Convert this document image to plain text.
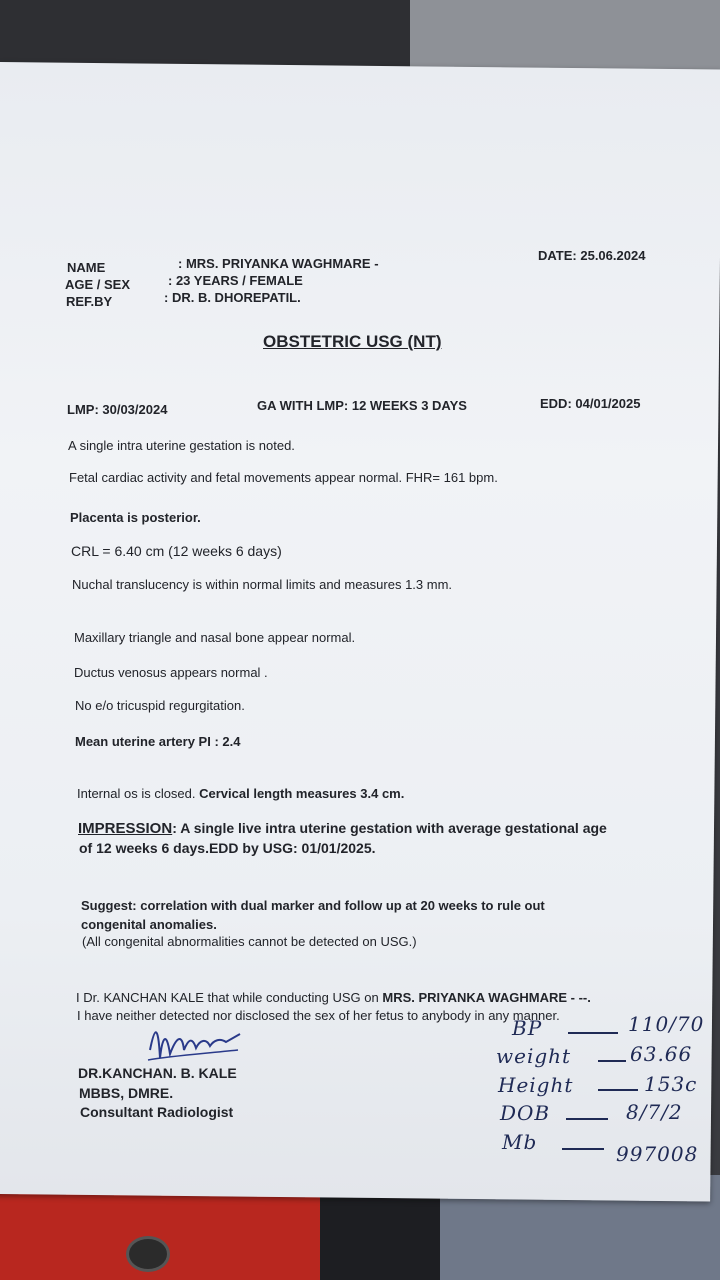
NAME	: MRS. PRIYANKA WAGHMARE -
AGE / SEX	: 23 YEARS / FEMALE
REF.BY	: DR. B. DHOREPATIL.
DATE: 25.06.2024
OBSTETRIC USG (NT)
LMP: 30/03/2024	GA WITH LMP: 12 WEEKS 3 DAYS	EDD: 04/01/2025
A single intra uterine gestation is noted.
Fetal cardiac activity and fetal movements appear normal. FHR= 161 bpm.
Placenta is posterior.
CRL = 6.40 cm (12 weeks 6 days)
Nuchal translucency is within normal limits and measures 1.3 mm.
Maxillary triangle and nasal bone appear normal.
Ductus venosus appears normal .
No e/o tricuspid regurgitation.
Mean uterine artery PI : 2.4
Internal os is closed. Cervical length measures 3.4 cm.
IMPRESSION: A single live intra uterine gestation with average gestational age
of 12 weeks 6 days.EDD by USG: 01/01/2025.
Suggest: correlation with dual marker and follow up at 20 weeks to rule out
congenital anomalies.
(All congenital abnormalities cannot be detected on USG.)
I Dr. KANCHAN KALE that while conducting USG on MRS. PRIYANKA WAGHMARE - --.
I have neither detected nor disclosed the sex of her fetus to anybody in any manner.
DR.KANCHAN. B. KALE
MBBS, DMRE.
Consultant Radiologist
BP	110/70
weight	63.66
Height	153c
DOB	8/7/2
Mb	997008
